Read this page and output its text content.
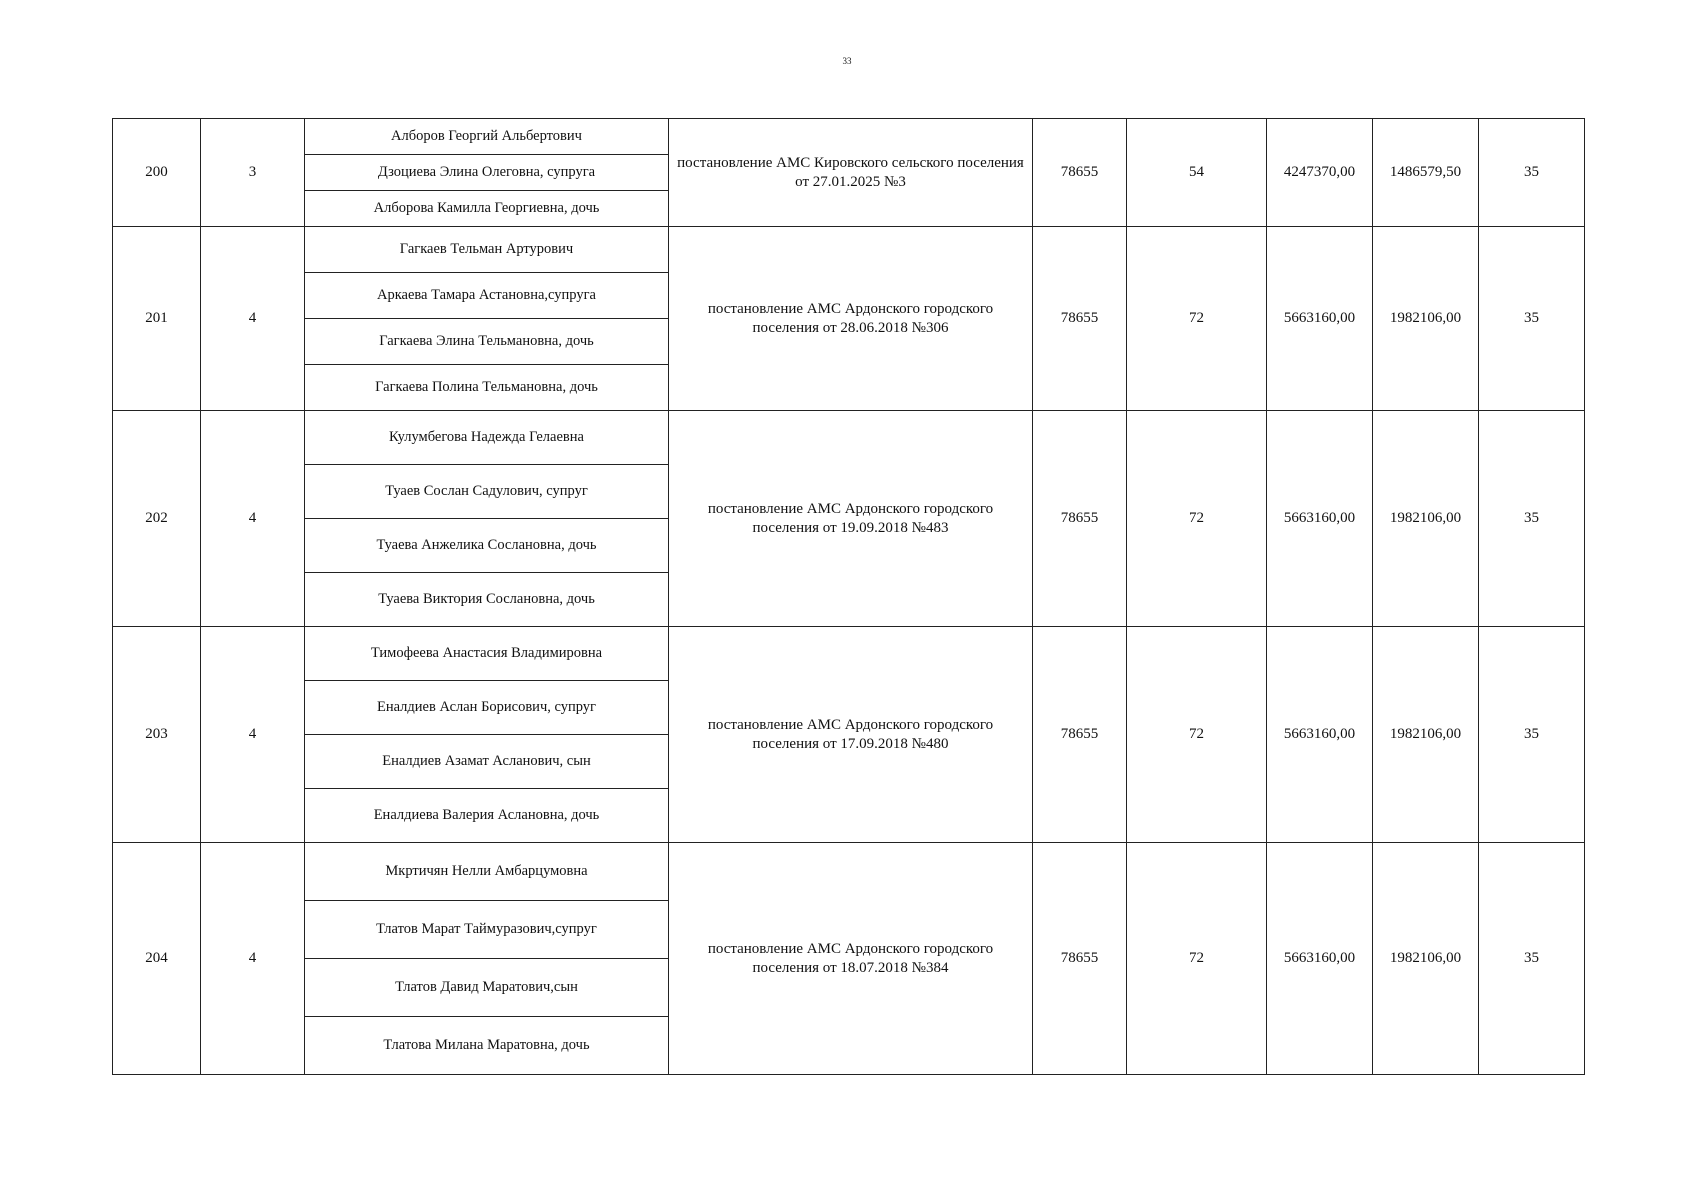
33
200	3	Алборов Георгий Альбертович	постановление АМС Кировского сельского поселения от 27.01.2025 №3	78655	54	4247370,00	1486579,50	35
		Дзоциева Элина Олеговна, супруга						
		Алборова Камилла Георгиевна, дочь						
201	4	Гагкаев Тельман Артурович	постановление АМС Ардонского городского поселения от 28.06.2018 №306	78655	72	5663160,00	1982106,00	35
		Аркаева Тамара Астановна,супруга						
		Гагкаева Элина Тельмановна, дочь						
		Гагкаева Полина Тельмановна, дочь						
202	4	Кулумбегова Надежда Гелаевна	постановление АМС Ардонского городского поселения от 19.09.2018 №483	78655	72	5663160,00	1982106,00	35
		Туаев Сослан Садулович, супруг						
		Туаева Анжелика Сослановна, дочь						
		Туаева Виктория Сослановна, дочь						
203	4	Тимофеева Анастасия Владимировна	постановление АМС Ардонского городского поселения от 17.09.2018 №480	78655	72	5663160,00	1982106,00	35
		Еналдиев Аслан Борисович, супруг						
		Еналдиев Азамат Асланович, сын						
		Еналдиева Валерия Аслановна, дочь						
204	4	Мкртичян Нелли Амбарцумовна	постановление АМС Ардонского городского поселения от 18.07.2018 №384	78655	72	5663160,00	1982106,00	35
		Тлатов Марат Таймуразович,супруг						
		Тлатов Давид Маратович,сын						
		Тлатова Милана Маратовна, дочь						
